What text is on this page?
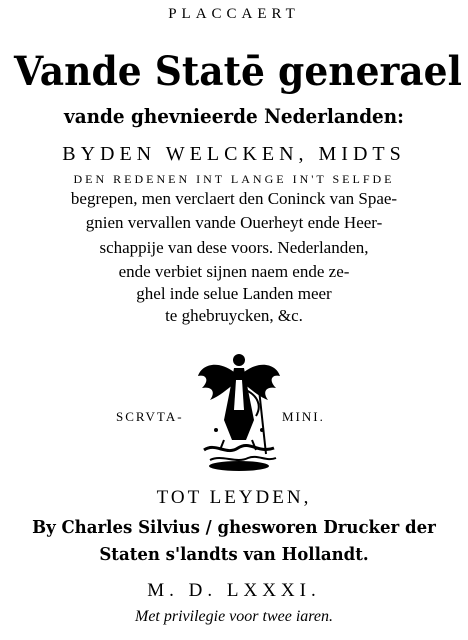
PLACCAERT
Vande Statē generael
vande ghevnieerde Nederlanden:
BYDEN WELCKEN, MIDTS
DEN REDENEN INT LANGE IN'T SELFDE
begrepen, men verclaert den Coninck van Spae-
gnien vervallen vande Ouerheyt ende Heer-
schappije van dese voors. Nederlanden,
ende verbiet sijnen naem ende ze-
ghel inde selue Landen meer
te ghebruycken, &c.
SCRVTA-	MINI.
TOT LEYDEN,
By Charles Silvius / ghesworen Drucker der
Staten s'landts van Hollandt.
M. D. LXXXI.
Met privilegie voor twee iaren.
